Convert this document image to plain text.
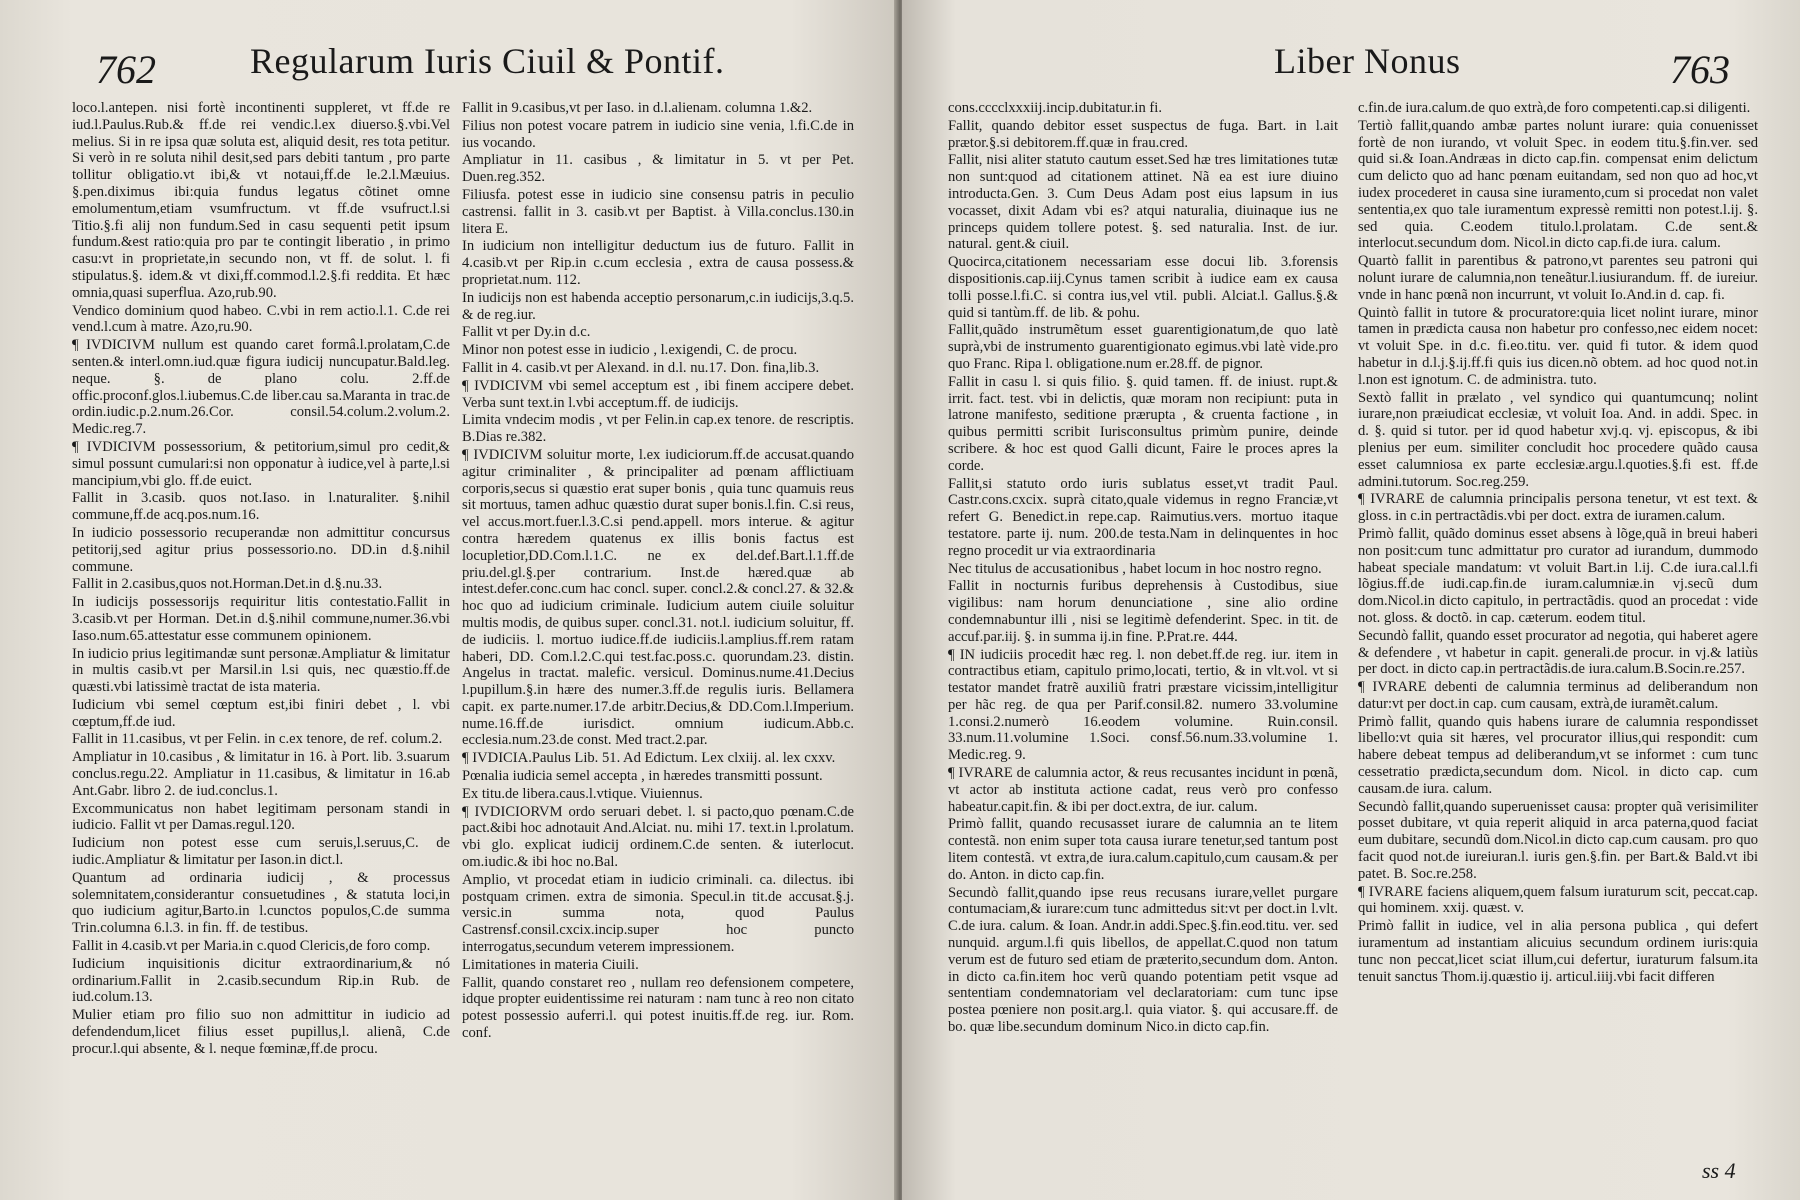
762	Regularum Iuris Ciuil & Pontif.

loco.l.antepen. nisi fortè incontinenti suppleret, vt ff.de re iud.l.Paulus.Rub.& ff.de rei vendic.l.ex diuerso.§.vbi.Vel melius. Si in re ipsa quæ soluta est, aliquid desit, res tota petitur. Si verò in re soluta nihil desit,sed pars debiti tantum , pro parte tollitur obligatio.vt ibi,& vt notaui,ff.de le.2.l.Mæuius. §.pen.diximus ibi:quia fundus legatus cõtinet omne emolumentum,etiam vsumfructum. vt ff.de vsufruct.l.si Titio.§.fi alij non fundum.Sed in casu sequenti petit ipsum fundum.&est ratio:quia pro par te contingit liberatio , in primo casu:vt in proprietate,in secundo non, vt ff. de solut. l. fi stipulatus.§. idem.& vt dixi,ff.commod.l.2.§.fi reddita. Et hæc omnia,quasi superflua. Azo,rub.90.

Vendico dominium quod habeo. C.vbi in rem actio.l.1. C.de rei vend.l.cum à matre. Azo,ru.90.

¶ IVDICIVM nullum est quando caret formâ.l.prolatam,C.de senten.& interl.omn.iud.quæ figura iudicij nuncupatur.Bald.leg. neque. §. de plano colu. 2.ff.de offic.proconf.glos.l.iubemus.C.de liber.cau sa.Maranta in trac.de ordin.iudic.p.2.num.26.Cor. consil.54.colum.2.volum.2. Medic.reg.7.

¶ IVDICIVM possessorium, & petitorium,simul pro cedit,& simul possunt cumulari:si non opponatur à iudice,vel à parte,l.si mancipium,vbi glo. ff.de euict.

Fallit in 3.casib. quos not.Iaso. in l.naturaliter. §.nihil commune,ff.de acq.pos.num.16.

In iudicio possessorio recuperandæ non admittitur concursus petitorij,sed agitur prius possessorio.no. DD.in d.§.nihil commune.

Fallit in 2.casibus,quos not.Horman.Det.in d.§.nu.33.

In iudicijs possessorijs requiritur litis contestatio.Fallit in 3.casib.vt per Horman. Det.in d.§.nihil commune,numer.36.vbi Iaso.num.65.attestatur esse communem opinionem.

In iudicio prius legitimandæ sunt personæ.Ampliatur & limitatur in multis casib.vt per Marsil.in l.si quis, nec quæstio.ff.de quæsti.vbi latissimè tractat de ista materia.

Iudicium vbi semel cœptum est,ibi finiri debet , l. vbi cœptum,ff.de iud.

Fallit in 11.casibus, vt per Felin. in c.ex tenore, de ref. colum.2.

Ampliatur in 10.casibus , & limitatur in 16. à Port. lib. 3.suarum conclus.regu.22. Ampliatur in 11.casibus, & limitatur in 16.ab Ant.Gabr. libro 2. de iud.conclus.1.

Excommunicatus non habet legitimam personam standi in iudicio. Fallit vt per Damas.regul.120.

Iudicium non potest esse cum seruis,l.seruus,C. de iudic.Ampliatur & limitatur per Iason.in dict.l.

Quantum ad ordinaria iudicij , & processus solemnitatem,considerantur consuetudines , & statuta loci,in quo iudicium agitur,Barto.in l.cunctos populos,C.de summa Trin.columna 6.l.3. in fin. ff. de testibus.

Fallit in 4.casib.vt per Maria.in c.quod Clericis,de foro comp.

Iudicium inquisitionis dicitur extraordinarium,& nó ordinarium.Fallit in 2.casib.secundum Rip.in Rub. de iud.colum.13.

Mulier etiam pro filio suo non admittitur in iudicio ad defendendum,licet filius esset pupillus,l. alienã, C.de procur.l.qui absente, & l. neque fœminæ,ff.de procu.

Fallit in 9.casibus,vt per Iaso. in d.l.alienam. columna 1.&2.

Filius non potest vocare patrem in iudicio sine venia, l.fi.C.de in ius vocando.

Ampliatur in 11. casibus , & limitatur in 5. vt per Pet. Duen.reg.352.

Filiusfa. potest esse in iudicio sine consensu patris in peculio castrensi. fallit in 3. casib.vt per Baptist. à Villa.conclus.130.in litera E.

In iudicium non intelligitur deductum ius de futuro. Fallit in 4.casib.vt per Rip.in c.cum ecclesia , extra de causa possess.& proprietat.num. 112.

In iudicijs non est habenda acceptio personarum,c.in iudicijs,3.q.5. & de reg.iur.

Fallit vt per Dy.in d.c.

Minor non potest esse in iudicio , l.exigendi, C. de procu.

Fallit in 4. casib.vt per Alexand. in d.l. nu.17. Don. fina,lib.3.

¶ IVDICIVM vbi semel acceptum est , ibi finem accipere debet. Verba sunt text.in l.vbi acceptum.ff. de iudicijs.

Limita vndecim modis , vt per Felin.in cap.ex tenore. de rescriptis. B.Dias re.382.

¶ IVDICIVM soluitur morte, l.ex iudiciorum.ff.de accusat.quando agitur criminaliter , & principaliter ad pœnam afflictiuam corporis,secus si quæstio erat super bonis , quia tunc quamuis reus sit mortuus, tamen adhuc quæstio durat super bonis.l.fin. C.si reus, vel accus.mort.fuer.l.3.C.si pend.appell. mors interue. & agitur contra hæredem quatenus ex illis bonis factus est locupletior,DD.Com.l.1.C. ne ex del.def.Bart.l.1.ff.de priu.del.gl.§.per contrarium. Inst.de hæred.quæ ab intest.defer.conc.cum hac concl. super. concl.2.& concl.27. & 32.& hoc quo ad iudicium criminale. Iudicium autem ciuile soluitur multis modis, de quibus super. concl.31. not.l. iudicium soluitur, ff. de iudiciis. l. mortuo iudice.ff.de iudiciis.l.amplius.ff.rem ratam haberi, DD. Com.l.2.C.qui test.fac.poss.c. quorundam.23. distin. Angelus in tractat. malefic. versicul. Dominus.nume.41.Decius l.pupillum.§.in hære des numer.3.ff.de regulis iuris. Bellamera capit. ex parte.numer.17.de arbitr.Decius,& DD.Com.l.Imperium. nume.16.ff.de iurisdict. omnium iudicum.Abb.c. ecclesia.num.23.de const. Med tract.2.par.

¶ IVDICIA.Paulus Lib. 51. Ad Edictum. Lex clxiij. al. lex cxxv.

Pœnalia iudicia semel accepta , in hæredes transmitti possunt.

Ex titu.de libera.caus.l.vtique. Viuiennus.

¶ IVDICIORVM ordo seruari debet. l. si pacto,quo pœnam.C.de pact.&ibi hoc adnotauit And.Alciat. nu. mihi 17. text.in l.prolatum. vbi glo. explicat iudicij ordinem.C.de senten. & iuterlocut. om.iudic.& ibi hoc no.Bal.

Amplio, vt procedat etiam in iudicio criminali. ca. dilectus. ibi postquam crimen. extra de simonia. Specul.in tit.de accusat.§.j. versic.in summa nota, quod Paulus Castrensf.consil.cxcix.incip.super hoc puncto interrogatus,secundum veterem impressionem.

Limitationes in materia Ciuili.

Fallit, quando constaret reo , nullam reo defensionem competere, idque propter euidentissime rei naturam : nam tunc à reo non citato potest possessio auferri.l. qui potest inuitis.ff.de reg. iur. Rom. conf.

Liber Nonus	763

cons.cccclxxxiij.incip.dubitatur.in fi.

Fallit, quando debitor esset suspectus de fuga. Bart. in l.ait prætor.§.si debitorem.ff.quæ in frau.cred.

Fallit, nisi aliter statuto cautum esset.Sed hæ tres limitationes tutæ non sunt:quod ad citationem attinet. Nã ea est iure diuino introducta.Gen. 3. Cum Deus Adam post eius lapsum in ius vocasset, dixit Adam vbi es? atqui naturalia, diuinaque ius ne princeps quidem tollere potest. §. sed naturalia. Inst. de iur. natural. gent.& ciuil.

Quocirca,citationem necessariam esse docui lib. 3.forensis dispositionis.cap.iij.Cynus tamen scribit à iudice eam ex causa tolli posse.l.fi.C. si contra ius,vel vtil. publi. Alciat.l. Gallus.§.& quid si tantùm.ff. de lib. & pohu.

Fallit,quãdo instrumẽtum esset guarentigionatum,de quo latè suprà,vbi de instrumento guarentigionato egimus.vbi latè vide.pro quo Franc. Ripa l. obligatione.num er.28.ff. de pignor.

Fallit in casu l. si quis filio. §. quid tamen. ff. de iniust. rupt.& irrit. fact. test. vbi in delictis, quæ moram non recipiunt: puta in latrone manifesto, seditione prærupta , & cruenta factione , in quibus permitti scribit Iurisconsultus primùm punire, deinde scribere. & hoc est quod Galli dicunt, Faire le proces apres la corde.

Fallit,si statuto ordo iuris sublatus esset,vt tradit Paul. Castr.cons.cxcix. suprà citato,quale videmus in regno Franciæ,vt refert G. Benedict.in repe.cap. Raimutius.vers. mortuo itaque testatore. parte ij. num. 200.de testa.Nam in delinquentes in hoc regno procedit ur via extraordinaria

Nec titulus de accusationibus , habet locum in hoc nostro regno.

Fallit in nocturnis furibus deprehensis à Custodibus, siue vigilibus: nam horum denunciatione , sine alio ordine condemnabuntur illi , nisi se legitimè defenderint. Spec. in tit. de accuf.par.iij. §. in summa ij.in fine. P.Prat.re. 444.

¶ IN iudiciis procedit hæc reg. l. non debet.ff.de reg. iur. item in contractibus etiam, capitulo primo,locati, tertio, & in vlt.vol. vt si testator mandet fratrẽ auxiliũ fratri præstare vicissim,intelligitur per hãc reg. de qua per Parif.consil.82. numero 33.volumine 1.consi.2.numerò 16.eodem volumine. Ruin.consil. 33.num.11.volumine 1.Soci. consf.56.num.33.volumine 1. Medic.reg. 9.

¶ IVRARE de calumnia actor, & reus recusantes incidunt in pœnã, vt actor ab instituta actione cadat, reus verò pro confesso habeatur.capit.fin. & ibi per doct.extra, de iur. calum.

Primò fallit, quando recusasset iurare de calumnia an te litem contestã. non enim super tota causa iurare tenetur,sed tantum post litem contestã. vt extra,de iura.calum.capitulo,cum causam.& per do. Anton. in dicto cap.fin.

Secundò fallit,quando ipse reus recusans iurare,vellet purgare contumaciam,& iurare:cum tunc admittedus sit:vt per doct.in l.vlt. C.de iura. calum. & Ioan. Andr.in addi.Spec.§.fin.eod.titu. ver. sed nunquid. argum.l.fi quis libellos, de appellat.C.quod non tatum verum est de futuro sed etiam de præterito,secundum dom. Anton. in dicto ca.fin.item hoc verũ quando potentiam petit vsque ad sententiam condemnatoriam vel declaratoriam: cum tunc ipse postea pœniere non posit.arg.l. quia viator. §. qui accusare.ff. de bo. quæ libe.secundum dominum Nico.in dicto cap.fin.

c.fin.de iura.calum.de quo extrà,de foro competenti.cap.si diligenti.

Tertiò fallit,quando ambæ partes nolunt iurare: quia conuenisset fortè de non iurando, vt voluit Spec. in eodem titu.§.fin.ver. sed quid si.& Ioan.Andræas in dicto cap.fin. compensat enim delictum cum delicto quo ad hanc pœnam euitandam, sed non quo ad hoc,vt iudex procederet in causa sine iuramento,cum si procedat non valet sententia,ex quo tale iuramentum expressè remitti non potest.l.ij. §. sed quia. C.eodem titulo.l.prolatam. C.de sent.& interlocut.secundum dom. Nicol.in dicto cap.fi.de iura. calum.

Quartò fallit in parentibus & patrono,vt parentes seu patroni qui nolunt iurare de calumnia,non teneãtur.l.iusiurandum. ff. de iureiur. vnde in hanc pœnã non incurrunt, vt voluit Io.And.in d. cap. fi.

Quintò fallit in tutore & procuratore:quia licet nolint iurare, minor tamen in prædicta causa non habetur pro confesso,nec eidem nocet: vt voluit Spe. in d.c. fi.eo.titu. ver. quid fi tutor. & idem quod habetur in d.l.j.§.ij.ff.fi quis ius dicen.nõ obtem. ad hoc quod not.in l.non est ignotum. C. de administra. tuto.

Sextò fallit in prælato , vel syndico qui quantumcunq; nolint iurare,non præiudicat ecclesiæ, vt voluit Ioa. And. in addi. Spec. in d. §. quid si tutor. per id quod habetur xvj.q. vj. episcopus, & ibi plenius per eum. similiter concludit hoc procedere quãdo causa esset calumniosa ex parte ecclesiæ.argu.l.quoties.§.fi est. ff.de admini.tutorum. Soc.reg.259.

¶ IVRARE de calumnia principalis persona tenetur, vt est text. & gloss. in c.in pertractãdis.vbi per doct. extra de iuramen.calum.

Primò fallit, quãdo dominus esset absens à lõge,quã in breui haberi non posit:cum tunc admittatur pro curator ad iurandum, dummodo habeat speciale mandatum: vt voluit Bart.in l.ij. C.de iura.cal.l.fi lõgius.ff.de iudi.cap.fin.de iuram.calumniæ.in vj.secũ dum dom.Nicol.in dicto capitulo, in pertractãdis. quod an procedat : vide not. gloss. & doctõ. in cap. cæterum. eodem titul.

Secundò fallit, quando esset procurator ad negotia, qui haberet agere & defendere , vt habetur in capit. generali.de procur. in vj.& latiùs per doct. in dicto cap.in pertractãdis.de iura.calum.B.Socin.re.257.

¶ IVRARE debenti de calumnia terminus ad deliberandum non datur:vt per doct.in cap. cum causam, extrà,de iuramẽt.calum.

Primò fallit, quando quis habens iurare de calumnia respondisset libello:vt quia sit hæres, vel procurator illius,qui respondit: cum habere debeat tempus ad deliberandum,vt se informet : cum tunc cessetratio prædicta,secundum dom. Nicol. in dicto cap. cum causam.de iura. calum.

Secundò fallit,quando superuenisset causa: propter quã verisimiliter posset dubitare, vt quia reperit aliquid in arca paterna,quod faciat eum dubitare, secundũ dom.Nicol.in dicto cap.cum causam. pro quo facit quod not.de iureiuran.l. iuris gen.§.fin. per Bart.& Bald.vt ibi patet. B. Soc.re.258.

¶ IVRARE faciens aliquem,quem falsum iuraturum scit, peccat.cap. qui hominem. xxij. quæst. v.

Primò fallit in iudice, vel in alia persona publica , qui defert iuramentum ad instantiam alicuius secundum ordinem iuris:quia tunc non peccat,licet sciat illum,cui defertur, iuraturum falsum.ita tenuit sanctus Thom.ij.quæstio ij. articul.iiij.vbi facit differen

ss 4
